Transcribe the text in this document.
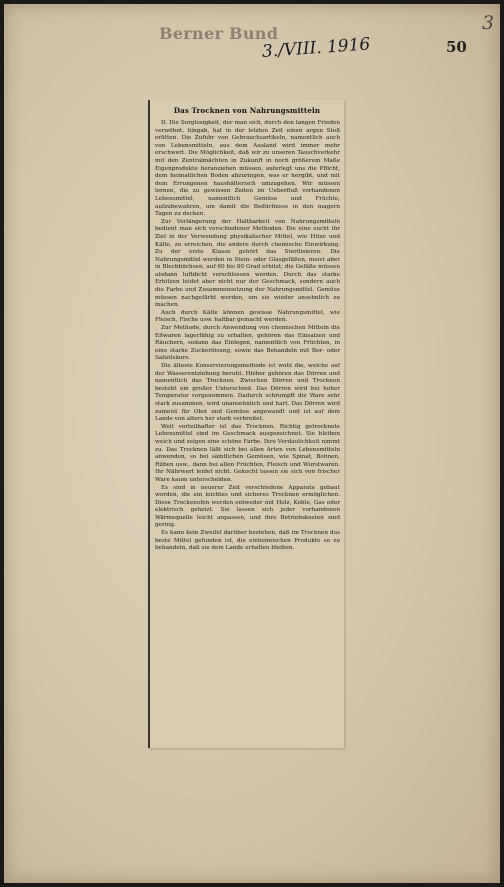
3
Berner Bund
3./VIII. 1916	50
Das Trocknen von Nahrungsmitteln

D. Die Sorglosigkeit, der man sich, durch den langen Frieden verwöhnt, hingab, hat in der letzten Zeit einen argen Stoß erlitten. Die Zufuhr von Gebrauchsartikeln, namentlich auch von Lebensmitteln, aus dem Ausland wird immer mehr erschwert. Die Möglichkeit, daß wir zu unseren Tauschverkehr mit den Zentralmächten in Zukunft in noch größerem Maße Eigenprodukte heranziehen müssen, auferlegt uns die Pflicht, dem heimatlichen Boden abzuringen, was er hergibt, und mit dem Errungenen haushälterisch umzugehen. Wir müssen lernen, die zu gewissen Zeiten im Ueberfluß vorhandenen Lebensmittel, namentlich Gemüse und Früchte, aufzubewahren, um damit die Bedürfnisse in den magern Tagen zu decken.

Zur Verlängerung der Haltbarkeit von Nahrungsmitteln bedient man sich verschiedener Methoden. Die eine sucht ihr Ziel in der Verwendung physikalischer Mittel, wie Hitze und Kälte, zu erreichen, die andere durch chemische Einwirkung. Zu der erste Klasse gehört das Sterilisieren. Die Nahrungsmittel werden in Stein- oder Glasgefäßen, meist aber in Blechbüchsen, auf 60 bis 80 Grad erhitzt; die Gefäße müssen alsdann luftdicht verschlossen werden. Durch das starke Erhitzen leidet aber nicht nur der Geschmack, sondern auch die Farbe und Zusammensetzung der Nahrungsmittel. Gemüse müssen nachgefärbt werden, um sie wieder ansehnlich zu machen.

Auch durch Kälte können gewisse Nahrungsmittel, wie Fleisch, Fische usw. haltbar gemacht werden.

Zur Methode, durch Anwendung von chemischen Mitteln die Eßwaren lagerfähig zu erhalten, gehören das Einsalzen und Räuchern, sodann das Einlegen, namentlich von Früchten, in eine starke Zuckerlösung, sowie das Behandeln mit Bor- oder Salizilsäure.

Die älteste Konservierungsmethode ist wohl die, welche auf der Wasserentziehung beruht. Hieher gehören das Dörren und namentlich das Trocknen. Zwischen Dörren und Trocknen besteht ein großer Unterschied. Das Dörren wird bei hoher Temperatur vorgenommen. Dadurch schrumpft die Ware sehr stark zusammen, wird unansehnlich und hart. Das Dörren wird zumeist für Obst und Gemüse angewandt und ist auf dem Lande von alters her stark verbreitet.

Weit vorteilhafter ist das Trocknen. Richtig getrocknete Lebensmittel sind im Geschmack ausgezeichnet. Sie bleiben weich und zeigen eine schöne Farbe. Ihre Verdaulichkeit nimmt zu. Das Trocknen läßt sich bei allen Arten von Lebensmitteln anwenden, so bei sämtlichen Gemüsen, wie Spinat, Bohnen, Rüben usw., dann bei allen Früchten, Fleisch und Wurstwaren. Ihr Nährwert leidet nicht. Gekocht lassen sie sich von frischer Ware kaum unterscheiden.

Es sind in neuerer Zeit verschiedene Apparate gebaut worden, die ein leichtes und sicheres Trocknen ermöglichen. Diese Trockenofen werden entweder mit Holz, Kohle, Gas oder elektrisch geheizt. Sie lassen sich jeder vorhandenen Wärmequelle leicht anpassen, und ihre Betriebskosten sind gering.

Es kann kein Zweifel darüber bestehen, daß im Trocknen das beste Mittel gefunden ist, die einheimischen Produkte so zu behandeln, daß sie dem Lande erhalten bleiben.
